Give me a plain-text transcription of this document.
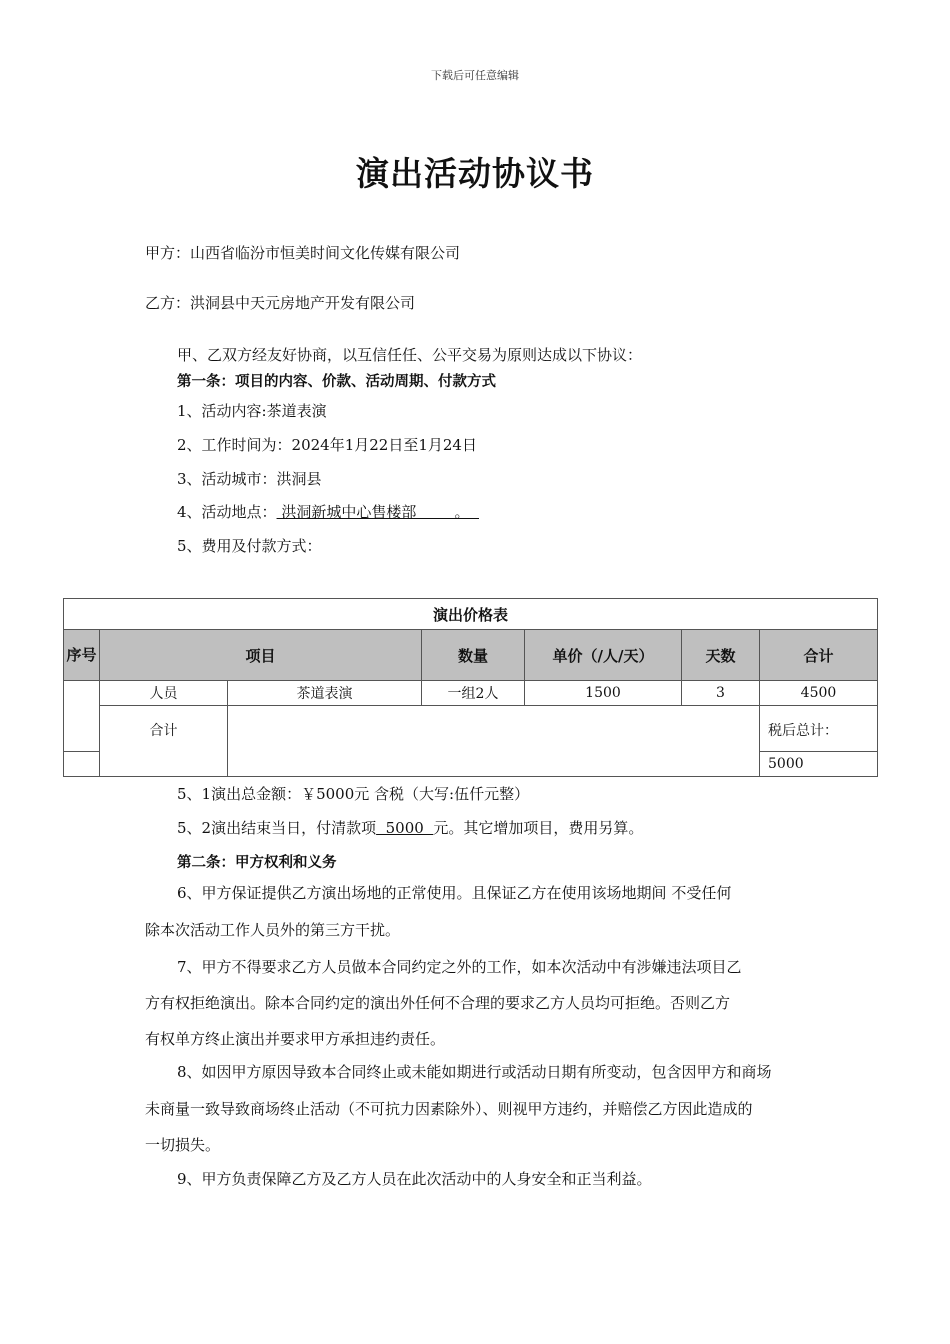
下载后可任意编辑
演出活动协议书
甲方：山西省临汾市恒美时间文化传媒有限公司
乙方：洪洞县中天元房地产开发有限公司
甲、乙双方经友好协商，以互信任任、公平交易为原则达成以下协议：
第一条：项目的内容、价款、活动周期、付款方式
1、活动内容:茶道表演
2、工作时间为：2024年1月22日至1月24日
3、活动城市：洪洞县
4、活动地点： 洪洞新城中心售楼部        。
5、费用及付款方式：
演出价格表						
序号	项目		数量	单价（/人/天）	天数	合计
	人员	茶道表演	一组2人	1500	3	4500
	合计					税后总计：
						5000
5、1演出总金额：￥5000元 含税（大写:伍仟元整）
5、2演出结束当日，付清款项  5000  元。其它增加项目，费用另算。
第二条：甲方权利和义务
6、甲方保证提供乙方演出场地的正常使用。且保证乙方在使用该场地期间 不受任何
除本次活动工作人员外的第三方干扰。
7、甲方不得要求乙方人员做本合同约定之外的工作，如本次活动中有涉嫌违法项目乙
方有权拒绝演出。除本合同约定的演出外任何不合理的要求乙方人员均可拒绝。否则乙方
有权单方终止演出并要求甲方承担违约责任。
8、如因甲方原因导致本合同终止或未能如期进行或活动日期有所变动，包含因甲方和商场
未商量一致导致商场终止活动（不可抗力因素除外）、则视甲方违约，并赔偿乙方因此造成的
一切损失。
9、甲方负责保障乙方及乙方人员在此次活动中的人身安全和正当利益。
